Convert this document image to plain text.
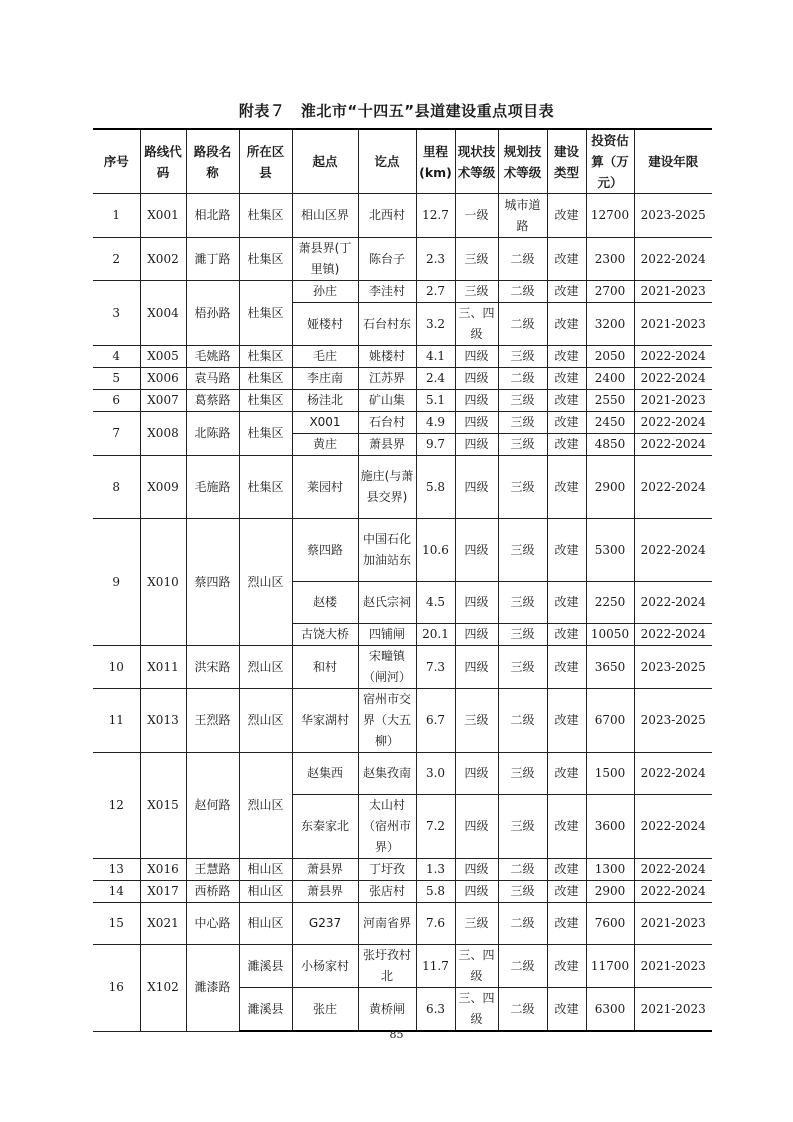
附表７　淮北市“十四五”县道建设重点项目表
序号	路线代码	路段名称	所在区县	起点	讫点	里程(km)	现状技术等级	规划技术等级	建设类型	投资估算（万元）	建设年限
1	X001	相北路	杜集区	相山区界	北西村	12.7	一级	城市道路	改建	12700	2023-2025
2	X002	濉丁路	杜集区	萧县界(丁里镇)	陈台子	2.3	三级	二级	改建	2300	2022-2024
3	X004	梧孙路	杜集区	孙庄	李洼村	2.7	三级	二级	改建	2700	2021-2023
				娅楼村	石台村东	3.2	三、四级	二级	改建	3200	2021-2023
4	X005	毛姚路	杜集区	毛庄	姚楼村	4.1	四级	三级	改建	2050	2022-2024
5	X006	袁马路	杜集区	李庄南	江苏界	2.4	四级	二级	改建	2400	2022-2024
6	X007	葛蔡路	杜集区	杨洼北	矿山集	5.1	四级	三级	改建	2550	2021-2023
7	X008	北陈路	杜集区	X001	石台村	4.9	四级	三级	改建	2450	2022-2024
				黄庄	萧县界	9.7	四级	三级	改建	4850	2022-2024
8	X009	毛施路	杜集区	莱园村	施庄(与萧县交界)	5.8	四级	三级	改建	2900	2022-2024
9	X010	蔡四路	烈山区	蔡四路	中国石化加油站东	10.6	四级	三级	改建	5300	2022-2024
				赵楼	赵氏宗祠	4.5	四级	三级	改建	2250	2022-2024
				古饶大桥	四铺闸	20.1	四级	三级	改建	10050	2022-2024
10	X011	洪宋路	烈山区	和村	宋疃镇（闸河）	7.3	四级	三级	改建	3650	2023-2025
11	X013	王烈路	烈山区	华家湖村	宿州市交界（大五柳）	6.7	三级	二级	改建	6700	2023-2025
12	X015	赵何路	烈山区	赵集西	赵集孜南	3.0	四级	三级	改建	1500	2022-2024
				东秦家北	太山村（宿州市界）	7.2	四级	三级	改建	3600	2022-2024
13	X016	王慧路	相山区	萧县界	丁圩孜	1.3	四级	二级	改建	1300	2022-2024
14	X017	西桥路	相山区	萧县界	张店村	5.8	四级	三级	改建	2900	2022-2024
15	X021	中心路	相山区	G237	河南省界	7.6	三级	二级	改建	7600	2021-2023
16	X102	濉漆路	濉溪县	小杨家村	张圩孜村北	11.7	三、四级	二级	改建	11700	2021-2023
			濉溪县	张庄	黄桥闸	6.3	三、四级	二级	改建	6300	2021-2023
85
